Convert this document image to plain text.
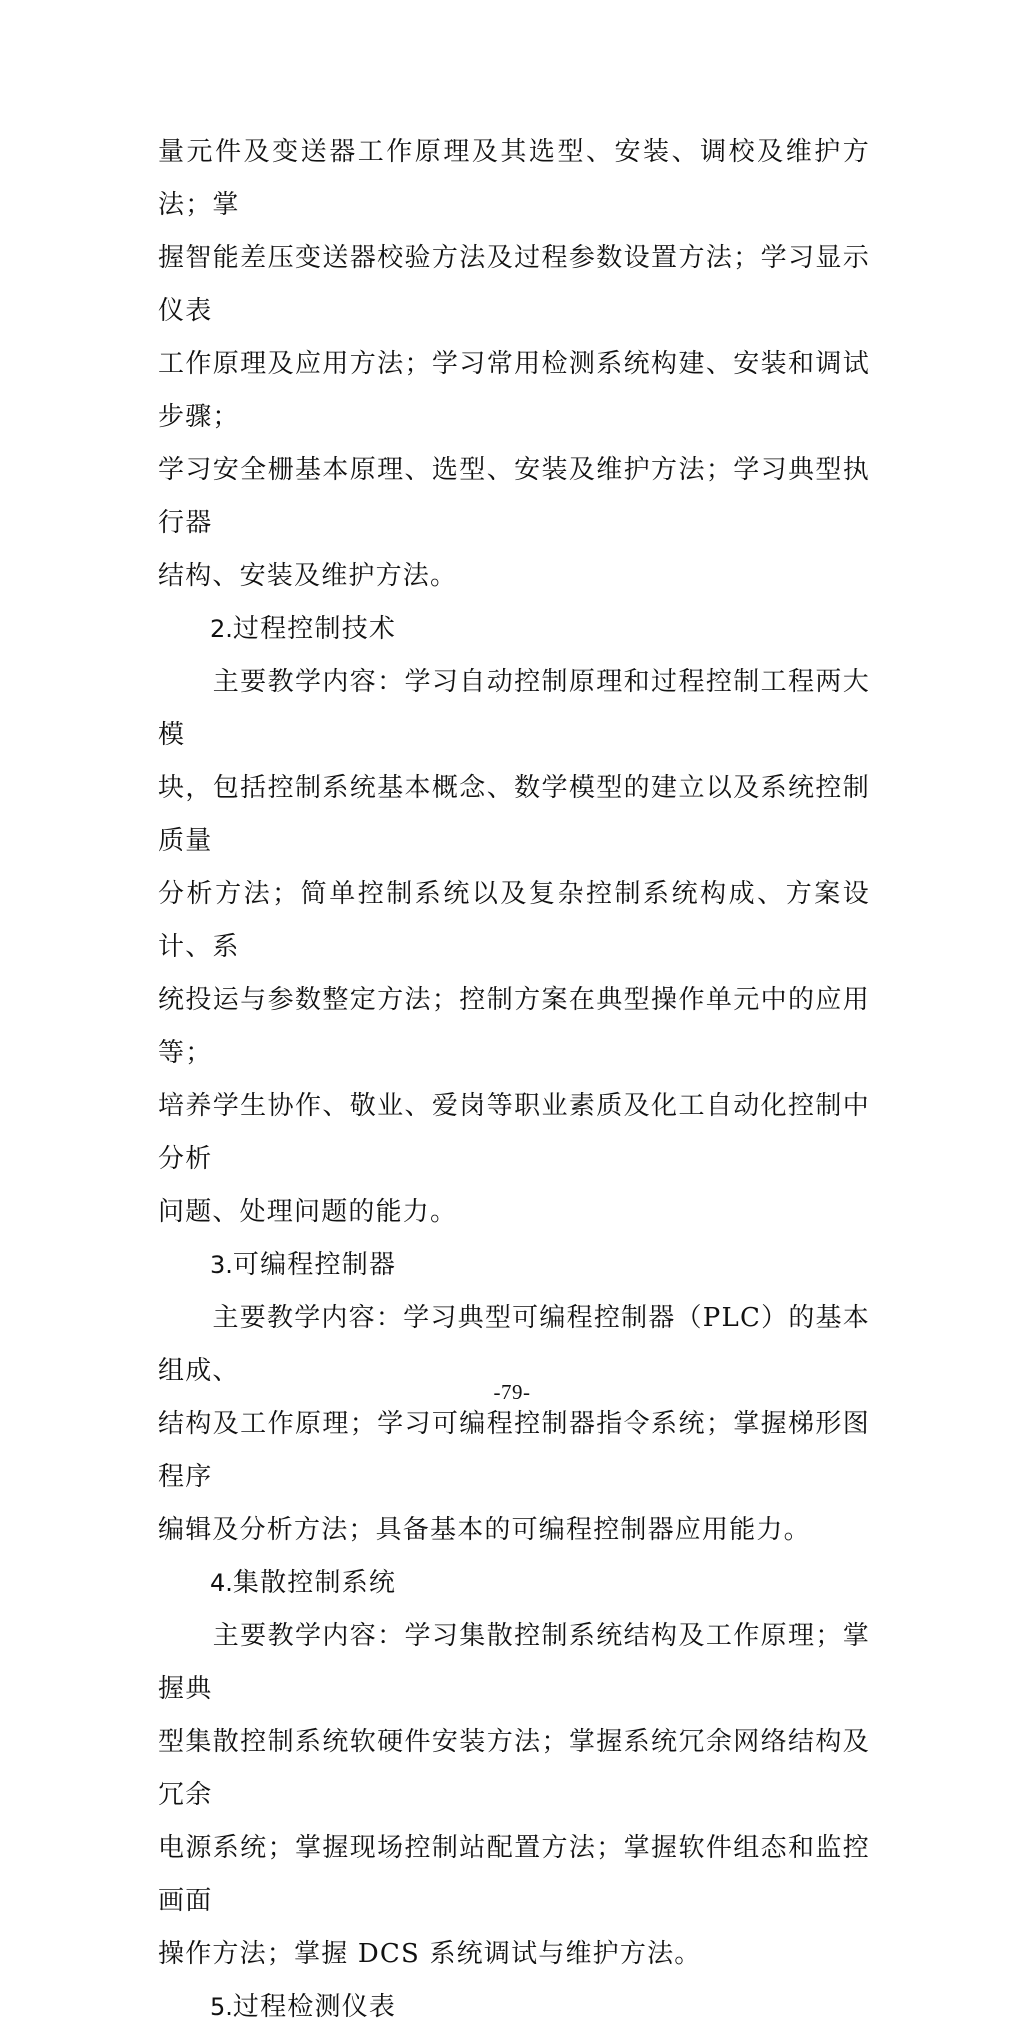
量元件及变送器工作原理及其选型、安装、调校及维护方法；掌
握智能差压变送器校验方法及过程参数设置方法；学习显示仪表
工作原理及应用方法；学习常用检测系统构建、安装和调试步骤；
学习安全栅基本原理、选型、安装及维护方法；学习典型执行器
结构、安装及维护方法。

2.过程控制技术

　　主要教学内容：学习自动控制原理和过程控制工程两大模
块，包括控制系统基本概念、数学模型的建立以及系统控制质量
分析方法；简单控制系统以及复杂控制系统构成、方案设计、系
统投运与参数整定方法；控制方案在典型操作单元中的应用等；
培养学生协作、敬业、爱岗等职业素质及化工自动化控制中分析
问题、处理问题的能力。

3.可编程控制器

　　主要教学内容：学习典型可编程控制器（PLC）的基本组成、
结构及工作原理；学习可编程控制器指令系统；掌握梯形图程序
编辑及分析方法；具备基本的可编程控制器应用能力。

4.集散控制系统

　　主要教学内容：学习集散控制系统结构及工作原理；掌握典
型集散控制系统软硬件安装方法；掌握系统冗余网络结构及冗余
电源系统；掌握现场控制站配置方法；掌握软件组态和监控画面
操作方法；掌握 DCS 系统调试与维护方法。

5.过程检测仪表

-79-
